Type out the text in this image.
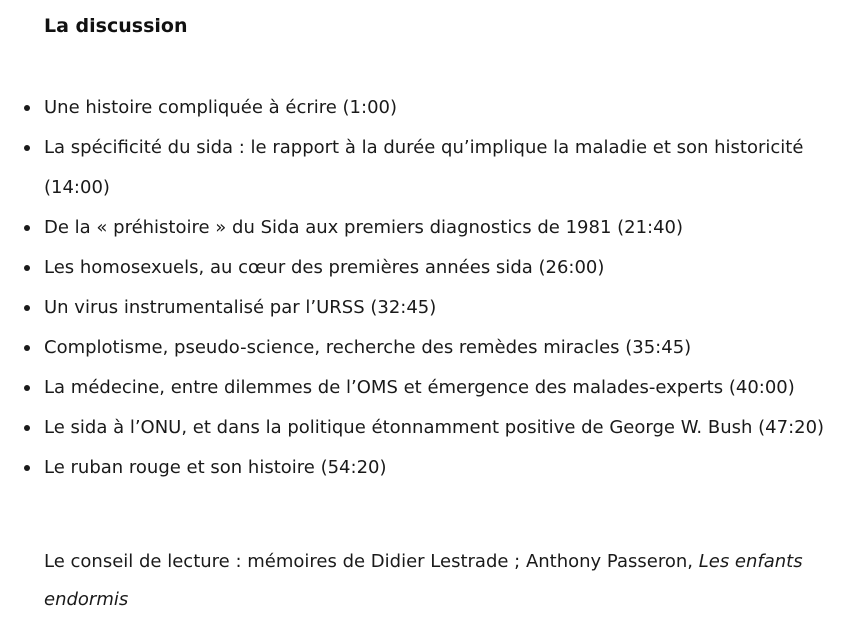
La discussion
Une histoire compliquée à écrire (1:00)
La spécificité du sida : le rapport à la durée qu’implique la maladie et son historicité (14:00)
De la « préhistoire » du Sida aux premiers diagnostics de 1981 (21:40)
Les homosexuels, au cœur des premières années sida (26:00)
Un virus instrumentalisé par l’URSS (32:45)
Complotisme, pseudo-science, recherche des remèdes miracles (35:45)
La médecine, entre dilemmes de l’OMS et émergence des malades-experts (40:00)
Le sida à l’ONU, et dans la politique étonnamment positive de George W. Bush (47:20)
Le ruban rouge et son histoire (54:20)

Le conseil de lecture : mémoires de Didier Lestrade ; Anthony Passeron, Les enfants endormis
